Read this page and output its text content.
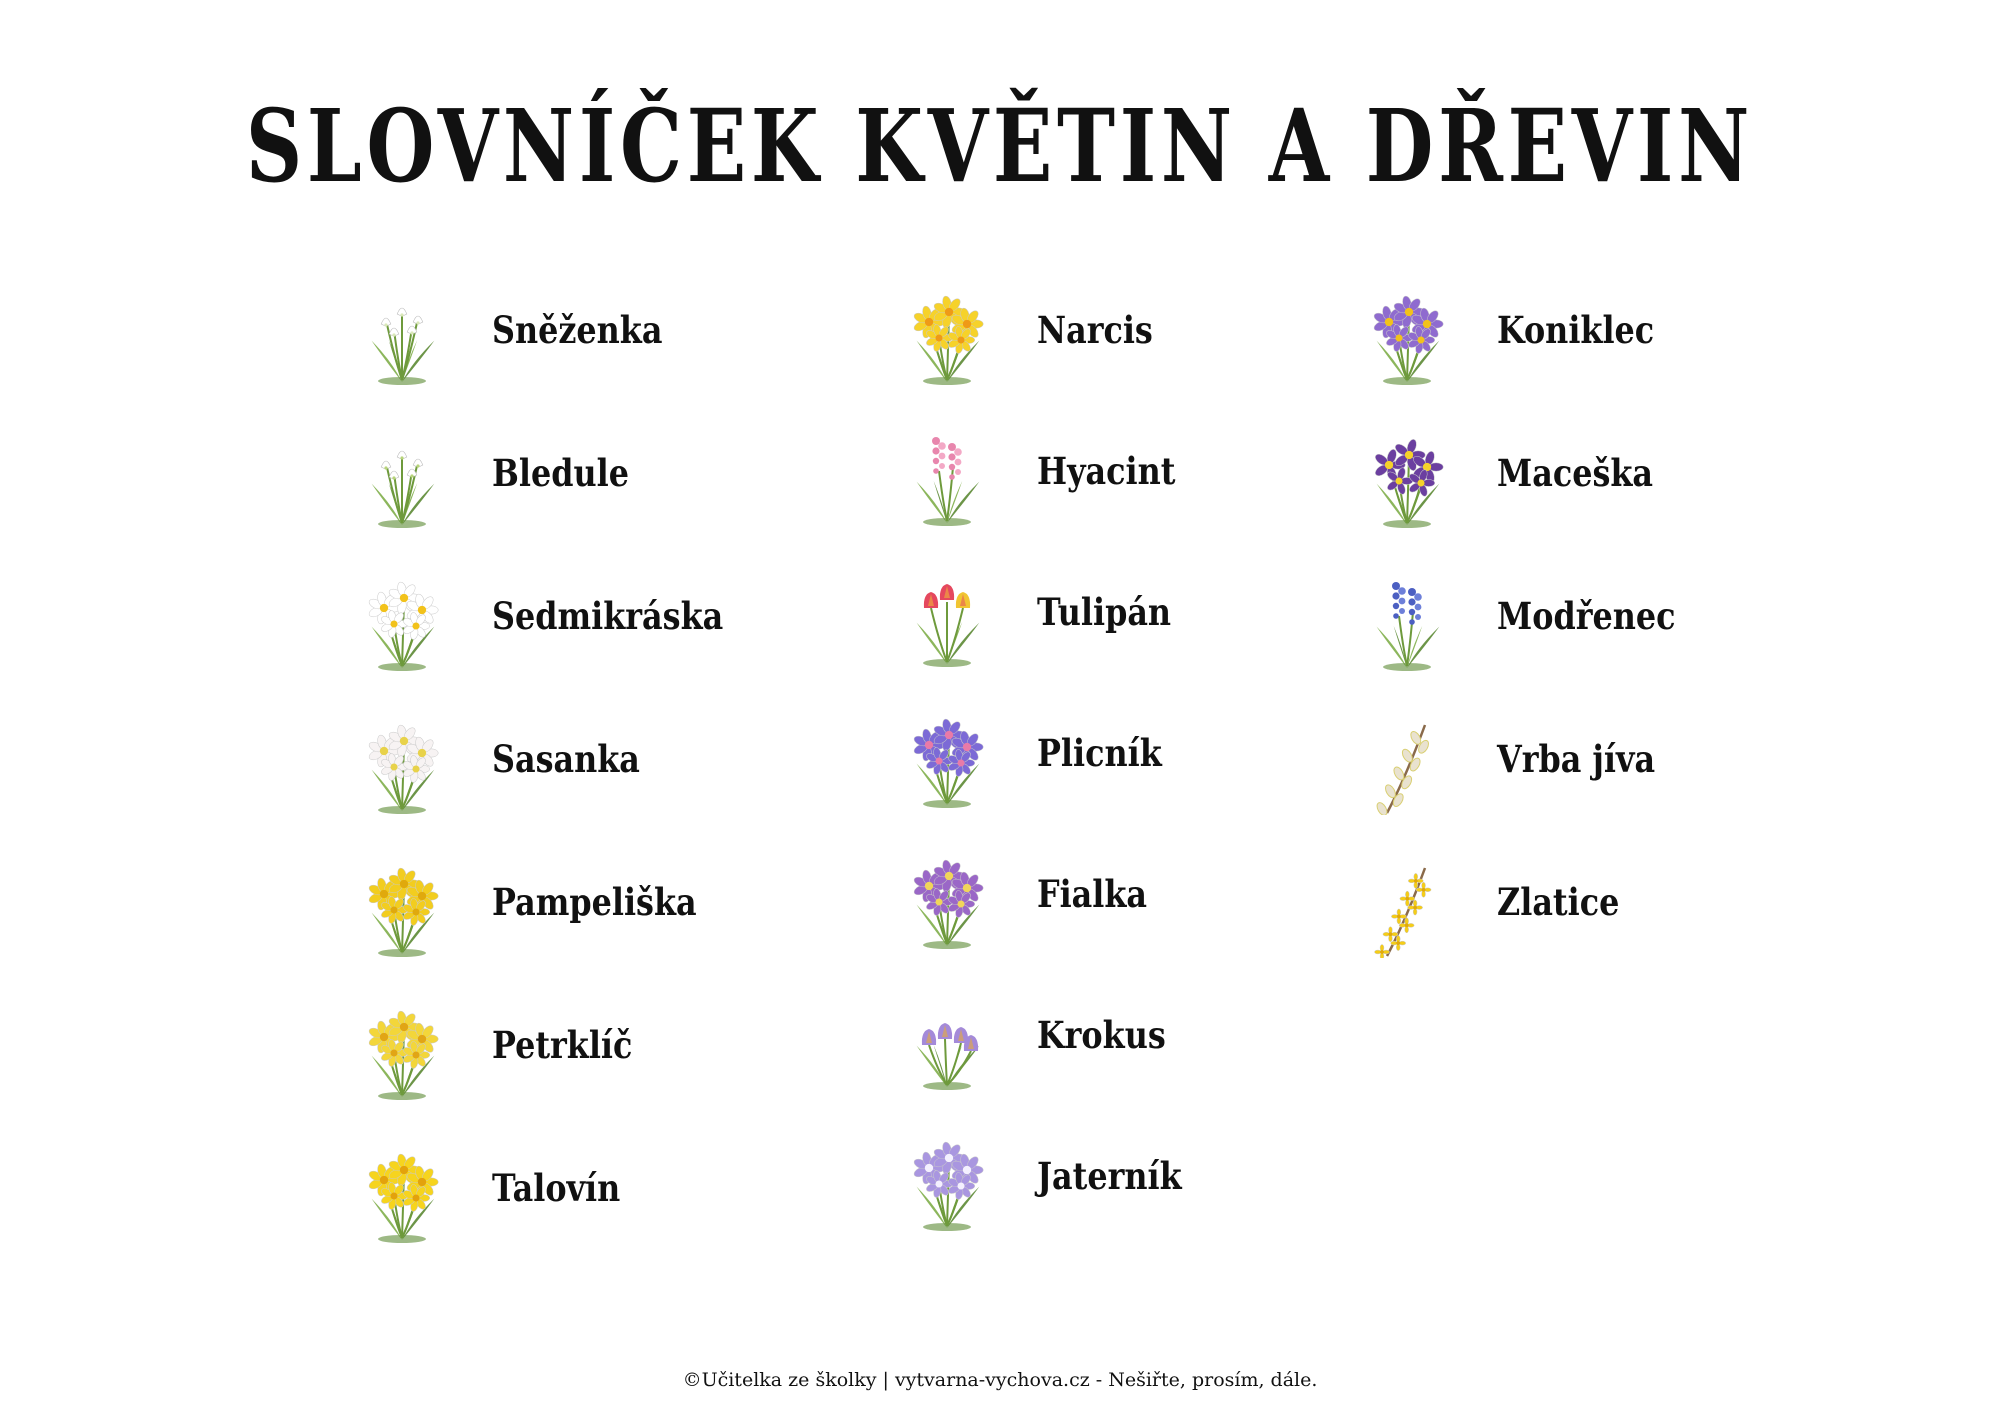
SLOVNÍČEK KVĚTIN A DŘEVIN
Sněženka
Bledule
Sedmikráska
Sasanka
Pampeliška
Petrklíč
Talovín
Narcis
Hyacint
Tulipán
Plicník
Fialka
Krokus
Jaterník
Koniklec
Maceška
Modřenec
Vrba jíva
Zlatice
©Učitelka ze školky | vytvarna-vychova.cz - Nešiřte, prosím, dále.
